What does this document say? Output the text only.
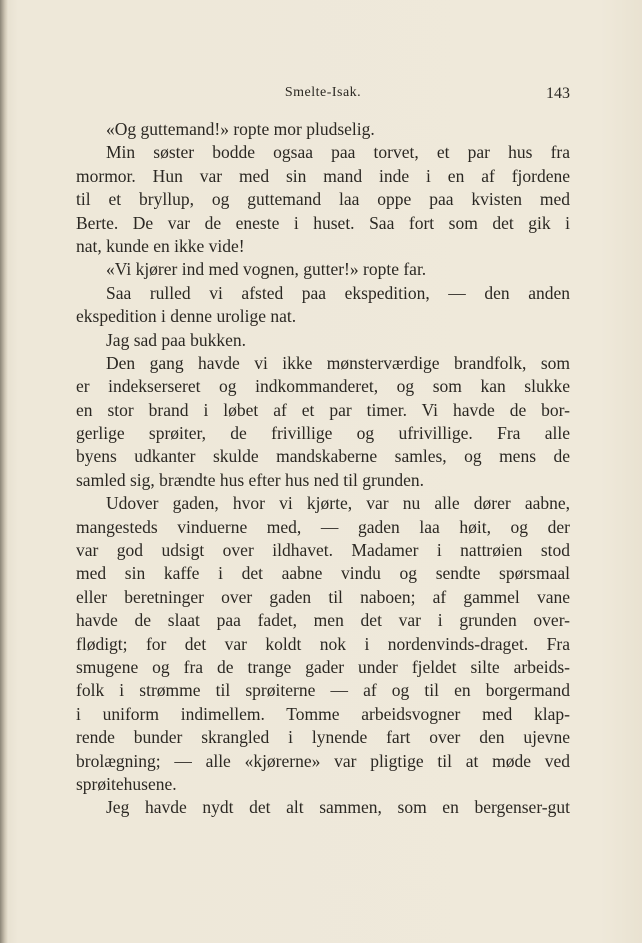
Smelte-Isak.	143
«Og guttemand!» ropte mor pludselig.
Min søster bodde ogsaa paa torvet, et par hus fra
mormor. Hun var med sin mand inde i en af fjordene
til et bryllup, og guttemand laa oppe paa kvisten med
Berte. De var de eneste i huset. Saa fort som det gik i
nat, kunde en ikke vide!
«Vi kjører ind med vognen, gutter!» ropte far.
Saa rulled vi afsted paa ekspedition, — den anden
ekspedition i denne urolige nat.
Jag sad paa bukken.
Den gang havde vi ikke mønsterværdige brandfolk, som
er indekserseret og indkommanderet, og som kan slukke
en stor brand i løbet af et par timer. Vi havde de bor-
gerlige sprøiter, de frivillige og ufrivillige. Fra alle
byens udkanter skulde mandskaberne samles, og mens de
samled sig, brændte hus efter hus ned til grunden.
Udover gaden, hvor vi kjørte, var nu alle dører aabne,
mangesteds vinduerne med, — gaden laa høit, og der
var god udsigt over ildhavet. Madamer i nattrøien stod
med sin kaffe i det aabne vindu og sendte spørsmaal
eller beretninger over gaden til naboen; af gammel vane
havde de slaat paa fadet, men det var i grunden over-
flødigt; for det var koldt nok i nordenvinds-draget. Fra
smugene og fra de trange gader under fjeldet silte arbeids-
folk i strømme til sprøiterne — af og til en borgermand
i uniform indimellem. Tomme arbeidsvogner med klap-
rende bunder skrangled i lynende fart over den ujevne
brolægning; — alle «kjørerne» var pligtige til at møde ved
sprøitehusene.
Jeg havde nydt det alt sammen, som en bergenser-gut
